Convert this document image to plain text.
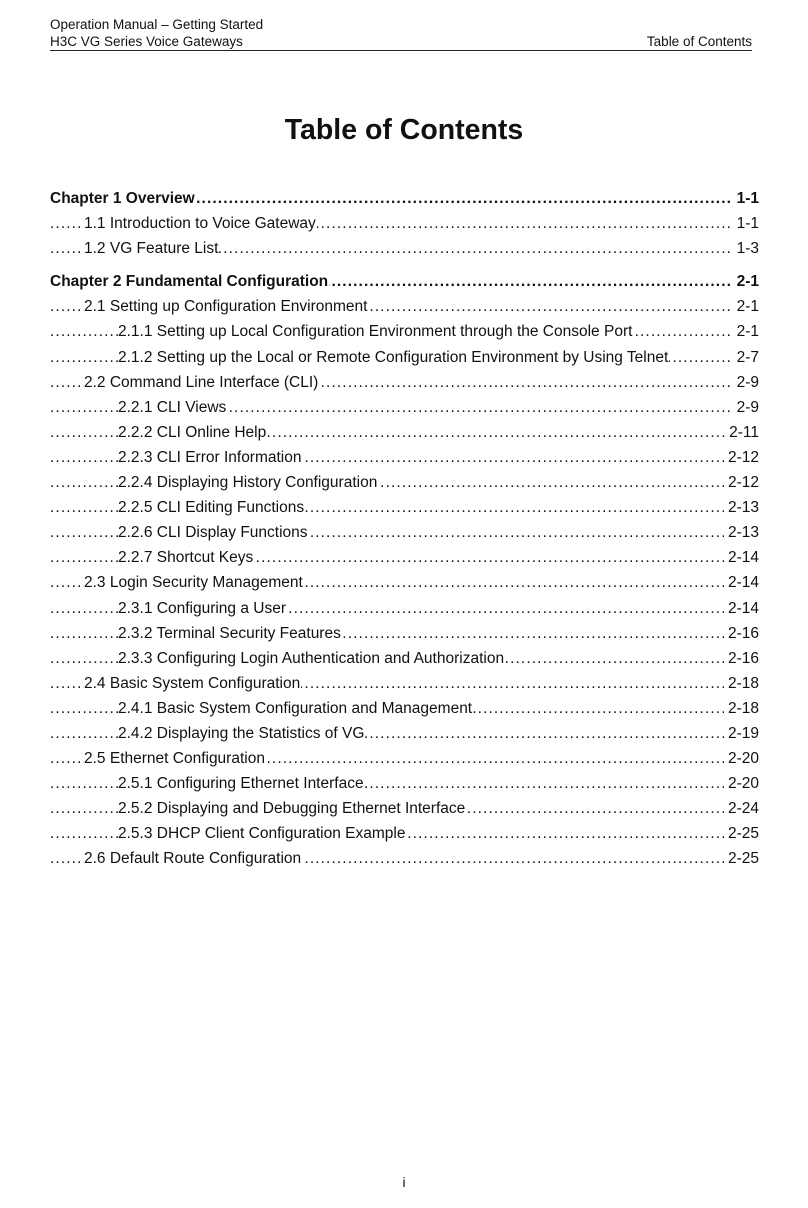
Operation Manual – Getting Started
H3C VG Series Voice Gateways	Table of Contents
Table of Contents
Chapter 1 Overview	1-1
. . .
1.1 Introduction to Voice Gateway	1-1
. . .
1.2 VG Feature List	1-3
. . .
Chapter 2 Fundamental Configuration	2-1
. . .
2.1 Setting up Configuration Environment	2-1
. . .
2.1.1 Setting up Local Configuration Environment through the Console Port	2-1
. . .
2.1.2 Setting up the Local or Remote Configuration Environment by Using Telnet	2-7
. . .
2.2 Command Line Interface (CLI)	2-9
. . .
2.2.1 CLI Views	2-9
. . .
2.2.2 CLI Online Help	2-11
. . .
2.2.3 CLI Error Information	2-12
. . .
2.2.4 Displaying History Configuration	2-12
. . .
2.2.5 CLI Editing Functions	2-13
. . .
2.2.6 CLI Display Functions	2-13
. . .
2.2.7 Shortcut Keys	2-14
. . .
2.3 Login Security Management	2-14
. . .
2.3.1 Configuring a User	2-14
. . .
2.3.2 Terminal Security Features	2-16
. . .
2.3.3 Configuring Login Authentication and Authorization	2-16
. . .
2.4 Basic System Configuration	2-18
. . .
2.4.1 Basic System Configuration and Management	2-18
. . .
2.4.2 Displaying the Statistics of VG	2-19
. . .
2.5 Ethernet Configuration	2-20
. . .
2.5.1 Configuring Ethernet Interface	2-20
. . .
2.5.2 Displaying and Debugging Ethernet Interface	2-24
. . .
2.5.3 DHCP Client Configuration Example	2-25
. . .
2.6 Default Route Configuration	2-25
. . .
i
